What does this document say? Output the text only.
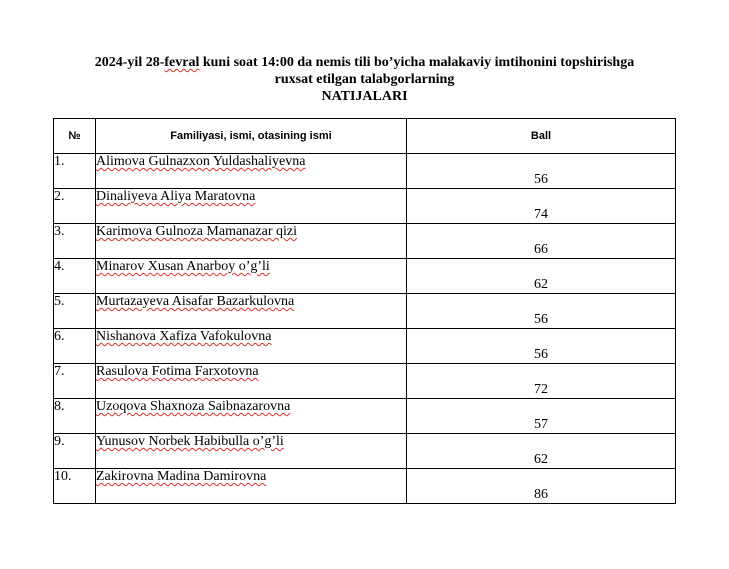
2024-yil 28-fevral kuni soat 14:00 da nemis tili bo’yicha malakaviy imtihonini topshirishga
ruxsat etilgan talabgorlarning
NATIJALARI
№	Familiyasi, ismi, otasining ismi	Ball
1.	Alimova Gulnazxon Yuldashaliyevna	56
2.	Dinaliyeva Aliya Maratovna	74
3.	Karimova Gulnoza Mamanazar qizi	66
4.	Minarov Xusan Anarboy o’g’li	62
5.	Murtazayeva Aisafar Bazarkulovna	56
6.	Nishanova Xafiza Vafokulovna	56
7.	Rasulova Fotima Farxotovna	72
8.	Uzoqova Shaxnoza Saibnazarovna	57
9.	Yunusov Norbek Habibulla o’g’li	62
10.	Zakirovna Madina Damirovna	86
